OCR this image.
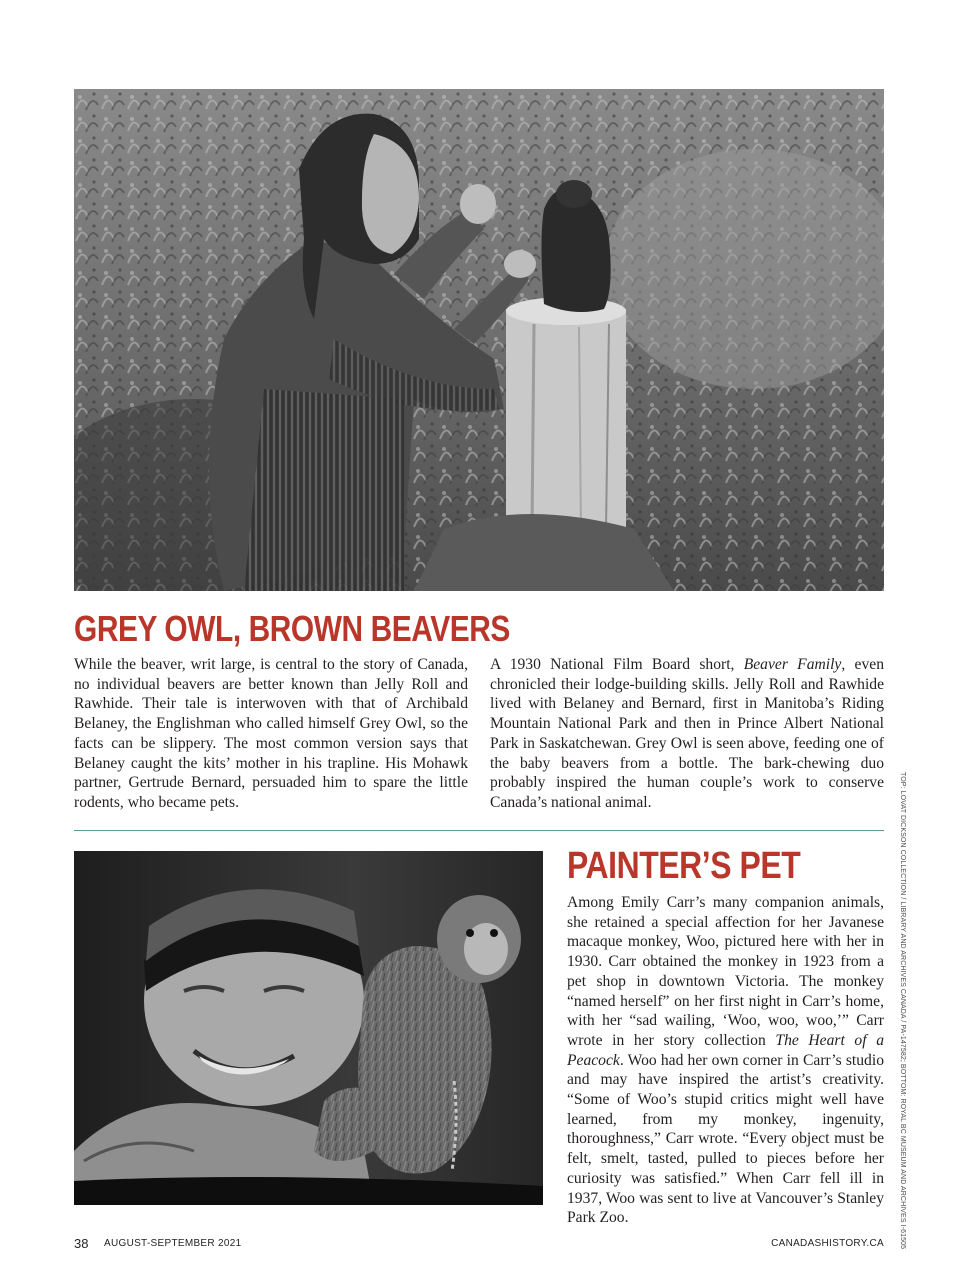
GREY OWL, BROWN BEAVERS

While the beaver, writ large, is central to the story of Canada, no individual beavers are better known than Jelly Roll and Rawhide. Their tale is interwoven with that of Archibald Belaney, the Englishman who called himself Grey Owl, so the facts can be slippery. The most common version says that Belaney caught the kits’ mother in his trapline. His Mohawk partner, Gertrude Bernard, persuaded him to spare the little rodents, who became pets.

A 1930 National Film Board short, Beaver Family, even chronicled their lodge-building skills. Jelly Roll and Rawhide lived with Belaney and Bernard, first in Manitoba’s Riding Mountain National Park and then in Prince Albert National Park in Saskatchewan. Grey Owl is seen above, feeding one of the baby beavers from a bottle. The bark-chewing duo probably inspired the human couple’s work to conserve Canada’s national animal.

PAINTER’S PET

Among Emily Carr’s many companion animals, she retained a special affection for her Javanese macaque monkey, Woo, pictured here with her in 1930. Carr obtained the monkey in 1923 from a pet shop in downtown Victoria. The monkey “named herself” on her first night in Carr’s home, with her “sad wailing, ‘Woo, woo, woo,’” Carr wrote in her story collection The Heart of a Peacock. Woo had her own corner in Carr’s studio and may have inspired the artist’s creativity. “Some of Woo’s stupid critics might well have learned, from my monkey, ingenuity, thoroughness,” Carr wrote. “Every object must be felt, smelt, tasted, pulled to pieces before her curiosity was satisfied.” When Carr fell ill in 1937, Woo was sent to live at Vancouver’s Stanley Park Zoo.	TOP: LOVAT DICKSON COLLECTION / LIBRARY AND ARCHIVES CANADA / PA-147582; BOTTOM: ROYAL BC MUSEUM AND ARCHIVES I-61505
38 AUGUST-SEPTEMBER 2021	CANADASHISTORY.CA
